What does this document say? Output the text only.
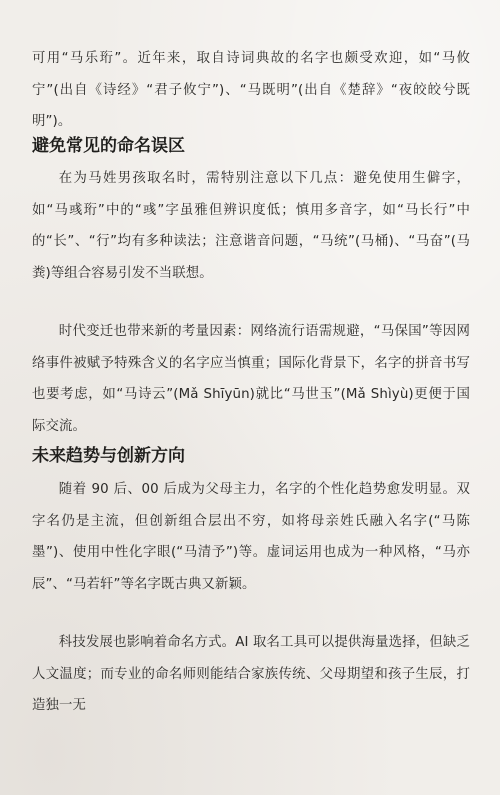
可用“马乐珩”。近年来，取自诗词典故的名字也颇受欢迎，如“马攸宁”(出自《诗经》“君子攸宁”)、“马既明”(出自《楚辞》“夜皎皎兮既明”)。

避免常见的命名误区

在为马姓男孩取名时，需特别注意以下几点：避免使用生僻字，如“马彧珩”中的“彧”字虽雅但辨识度低；慎用多音字，如“马长行”中的“长”、“行”均有多种读法；注意谐音问题，“马统”(马桶)、“马奋”(马粪)等组合容易引发不当联想。

时代变迁也带来新的考量因素：网络流行语需规避，“马保国”等因网络事件被赋予特殊含义的名字应当慎重；国际化背景下，名字的拼音书写也要考虑，如“马诗云”(Mǎ Shīyūn)就比“马世玉”(Mǎ Shìyù)更便于国际交流。

未来趋势与创新方向

随着 90 后、00 后成为父母主力，名字的个性化趋势愈发明显。双字名仍是主流，但创新组合层出不穷，如将母亲姓氏融入名字(“马陈墨”)、使用中性化字眼(“马清予”)等。虚词运用也成为一种风格，“马亦辰”、“马若轩”等名字既古典又新颖。

科技发展也影响着命名方式。AI 取名工具可以提供海量选择，但缺乏人文温度；而专业的命名师则能结合家族传统、父母期望和孩子生辰，打造独一无
